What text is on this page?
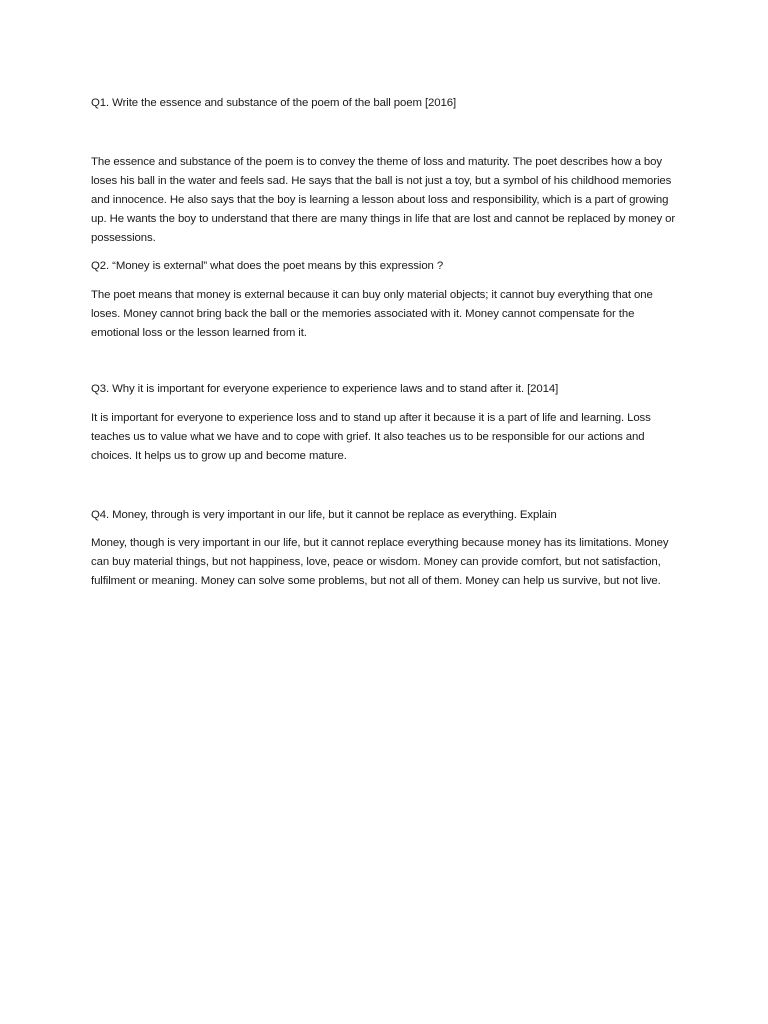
Q1. Write the essence and substance of the poem of the ball poem [2016]

The essence and substance of the poem is to convey the theme of loss and maturity. The poet describes how a boy loses his ball in the water and feels sad. He says that the ball is not just a toy, but a symbol of his childhood memories and innocence. He also says that the boy is learning a lesson about loss and responsibility, which is a part of growing up. He wants the boy to understand that there are many things in life that are lost and cannot be replaced by money or possessions.

Q2. “Money is external” what does the poet means by this expression ?

The poet means that money is external because it can buy only material objects; it cannot buy everything that one loses. Money cannot bring back the ball or the memories associated with it. Money cannot compensate for the emotional loss or the lesson learned from it.

Q3. Why it is important for everyone experience to experience laws and to stand after it. [2014]

It is important for everyone to experience loss and to stand up after it because it is a part of life and learning. Loss teaches us to value what we have and to cope with grief. It also teaches us to be responsible for our actions and choices. It helps us to grow up and become mature.

Q4. Money, through is very important in our life, but it cannot be replace as everything. Explain

Money, though is very important in our life, but it cannot replace everything because money has its limitations. Money can buy material things, but not happiness, love, peace or wisdom. Money can provide comfort, but not satisfaction, fulfilment or meaning. Money can solve some problems, but not all of them. Money can help us survive, but not live.
